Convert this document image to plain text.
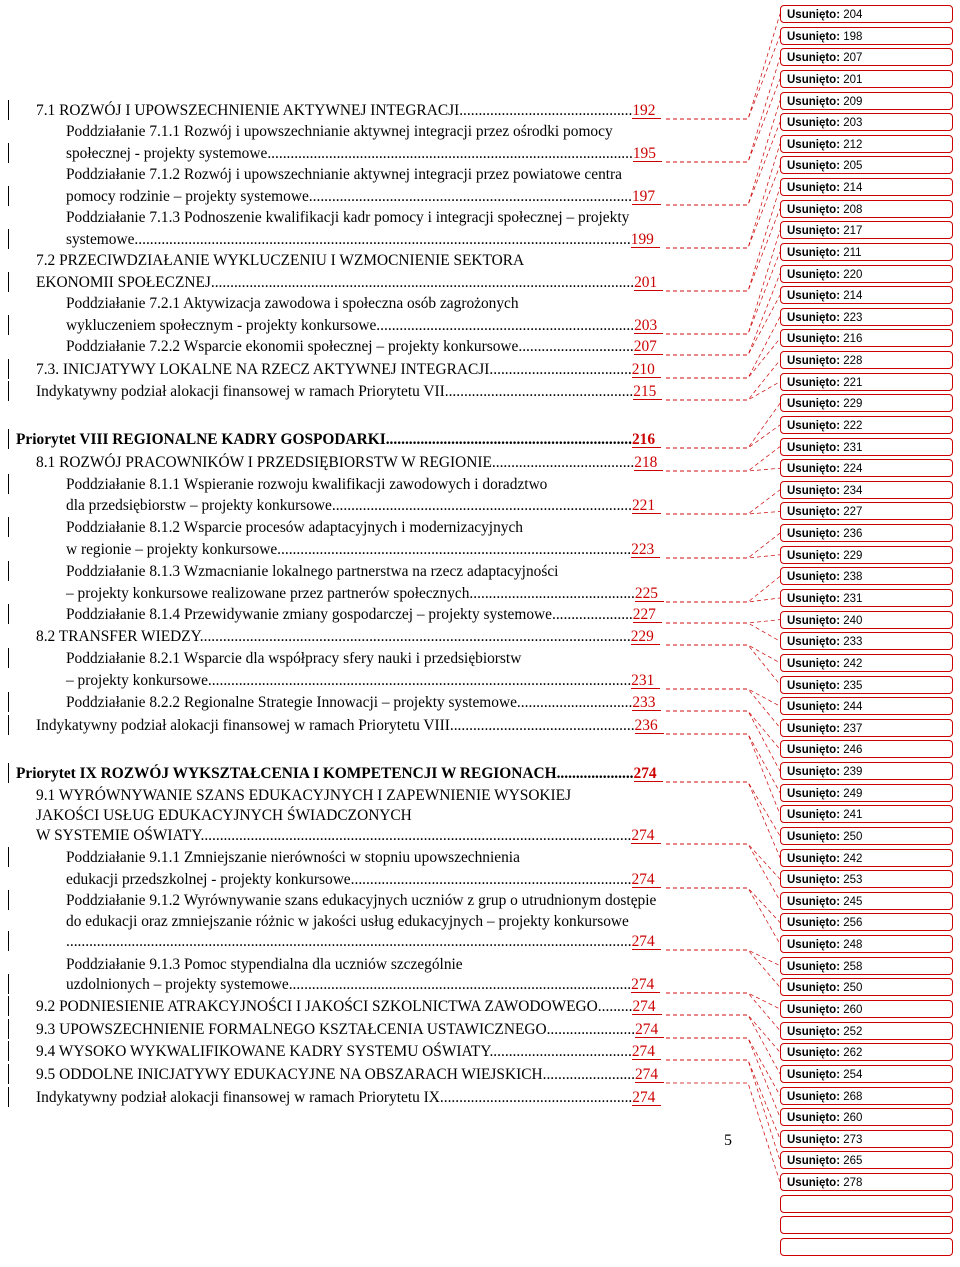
7.1 ROZWÓJ I UPOWSZECHNIENIE AKTYWNEJ INTEGRACJI.............................................192
Poddziałanie 7.1.1 Rozwój i upowszechnianie aktywnej integracji przez ośrodki pomocy
społecznej - projekty systemowe...............................................................................................195
Poddziałanie 7.1.2 Rozwój i upowszechnianie aktywnej integracji przez powiatowe centra
pomocy rodzinie – projekty systemowe....................................................................................197
Poddziałanie 7.1.3 Podnoszenie kwalifikacji kadr pomocy i integracji społecznej – projekty
systemowe.................................................................................................................................199
7.2 PRZECIWDZIAŁANIE WYKLUCZENIU I WZMOCNIENIE SEKTORA
EKONOMII SPOŁECZNEJ..............................................................................................................201
Poddziałanie 7.2.1 Aktywizacja zawodowa i społeczna osób zagrożonych
wykluczeniem społecznym - projekty konkursowe...................................................................203
Poddziałanie 7.2.2 Wsparcie ekonomii społecznej – projekty konkursowe..............................207
7.3. INICJATYWY LOKALNE NA RZECZ AKTYWNEJ INTEGRACJI.....................................210
Indykatywny podział alokacji finansowej w ramach Priorytetu VII.................................................215
Priorytet VIII REGIONALNE KADRY GOSPODARKI................................................................216
8.1 ROZWÓJ PRACOWNIKÓW I PRZEDSIĘBIORSTW W REGIONIE.....................................218
Poddziałanie 8.1.1 Wspieranie rozwoju kwalifikacji zawodowych i doradztwo
dla przedsiębiorstw – projekty konkursowe..............................................................................221
Poddziałanie 8.1.2 Wsparcie procesów adaptacyjnych i modernizacyjnych
w regionie – projekty konkursowe............................................................................................223
Poddziałanie 8.1.3 Wzmacnianie lokalnego partnerstwa na rzecz adaptacyjności
– projekty konkursowe realizowane przez partnerów społecznych...........................................225
Poddziałanie 8.1.4 Przewidywanie zmiany gospodarczej – projekty systemowe.....................227
8.2 TRANSFER WIEDZY................................................................................................................229
Poddziałanie 8.2.1 Wsparcie dla współpracy sfery nauki i przedsiębiorstw
– projekty konkursowe..............................................................................................................231
Poddziałanie 8.2.2 Regionalne Strategie Innowacji – projekty systemowe..............................233
Indykatywny podział alokacji finansowej w ramach Priorytetu VIII................................................236
Priorytet IX ROZWÓJ WYKSZTAŁCENIA I KOMPETENCJI W REGIONACH....................274
9.1 WYRÓWNYWANIE SZANS EDUKACYJNYCH I ZAPEWNIENIE WYSOKIEJ
JAKOŚCI USŁUG EDUKACYJNYCH ŚWIADCZONYCH
W SYSTEMIE OŚWIATY................................................................................................................274
Poddziałanie 9.1.1 Zmniejszanie nierówności w stopniu upowszechnienia
edukacji przedszkolnej - projekty konkursowe.........................................................................274
Poddziałanie 9.1.2 Wyrównywanie szans edukacyjnych uczniów z grup o utrudnionym dostępie
do edukacji oraz zmniejszanie różnic w jakości usług edukacyjnych – projekty konkursowe
...................................................................................................................................................274
Poddziałanie 9.1.3 Pomoc stypendialna dla uczniów szczególnie
uzdolnionych – projekty systemowe.........................................................................................274
9.2 PODNIESIENIE ATRAKCYJNOŚCI I JAKOŚCI SZKOLNICTWA ZAWODOWEGO.........274
9.3 UPOWSZECHNIENIE FORMALNEGO KSZTAŁCENIA USTAWICZNEGO.......................274
9.4 WYSOKO WYKWALIFIKOWANE KADRY SYSTEMU OŚWIATY.....................................274
9.5 ODDOLNE INICJATYWY EDUKACYJNE NA OBSZARACH WIEJSKICH........................274
Indykatywny podział alokacji finansowej w ramach Priorytetu IX..................................................274
5
Usunięto: 204
Usunięto: 198
Usunięto: 207
Usunięto: 201
Usunięto: 209
Usunięto: 203
Usunięto: 212
Usunięto: 205
Usunięto: 214
Usunięto: 208
Usunięto: 217
Usunięto: 211
Usunięto: 220
Usunięto: 214
Usunięto: 223
Usunięto: 216
Usunięto: 228
Usunięto: 221
Usunięto: 229
Usunięto: 222
Usunięto: 231
Usunięto: 224
Usunięto: 234
Usunięto: 227
Usunięto: 236
Usunięto: 229
Usunięto: 238
Usunięto: 231
Usunięto: 240
Usunięto: 233
Usunięto: 242
Usunięto: 235
Usunięto: 244
Usunięto: 237
Usunięto: 246
Usunięto: 239
Usunięto: 249
Usunięto: 241
Usunięto: 250
Usunięto: 242
Usunięto: 253
Usunięto: 245
Usunięto: 256
Usunięto: 248
Usunięto: 258
Usunięto: 250
Usunięto: 260
Usunięto: 252
Usunięto: 262
Usunięto: 254
Usunięto: 268
Usunięto: 260
Usunięto: 273
Usunięto: 265
Usunięto: 278
